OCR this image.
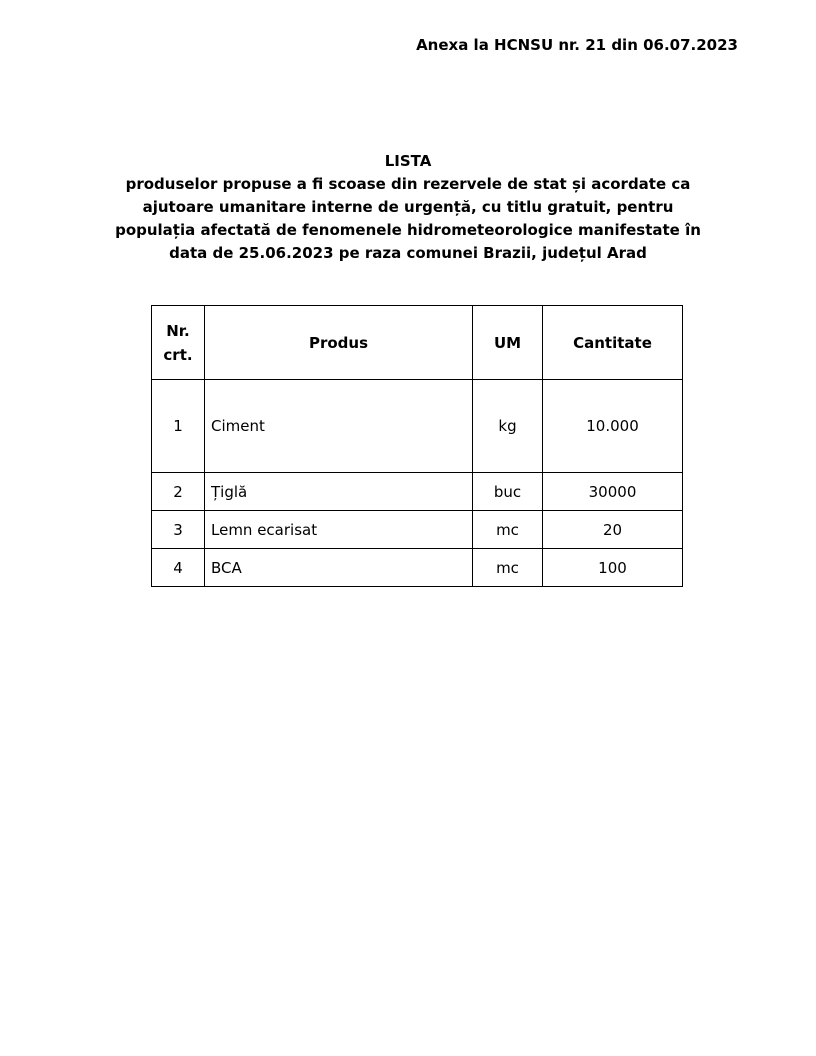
Anexa la HCNSU nr. 21 din 06.07.2023
LISTA
produselor propuse a fi scoase din rezervele de stat și acordate ca
ajutoare umanitare interne de urgență, cu titlu gratuit, pentru
populația afectată de fenomenele hidrometeorologice manifestate în
data de 25.06.2023 pe raza comunei Brazii, județul Arad
Nr.
crt.	Produs	UM	Cantitate
1	Ciment	kg	10.000
2	Țiglă	buc	30000
3	Lemn ecarisat	mc	20
4	BCA	mc	100
